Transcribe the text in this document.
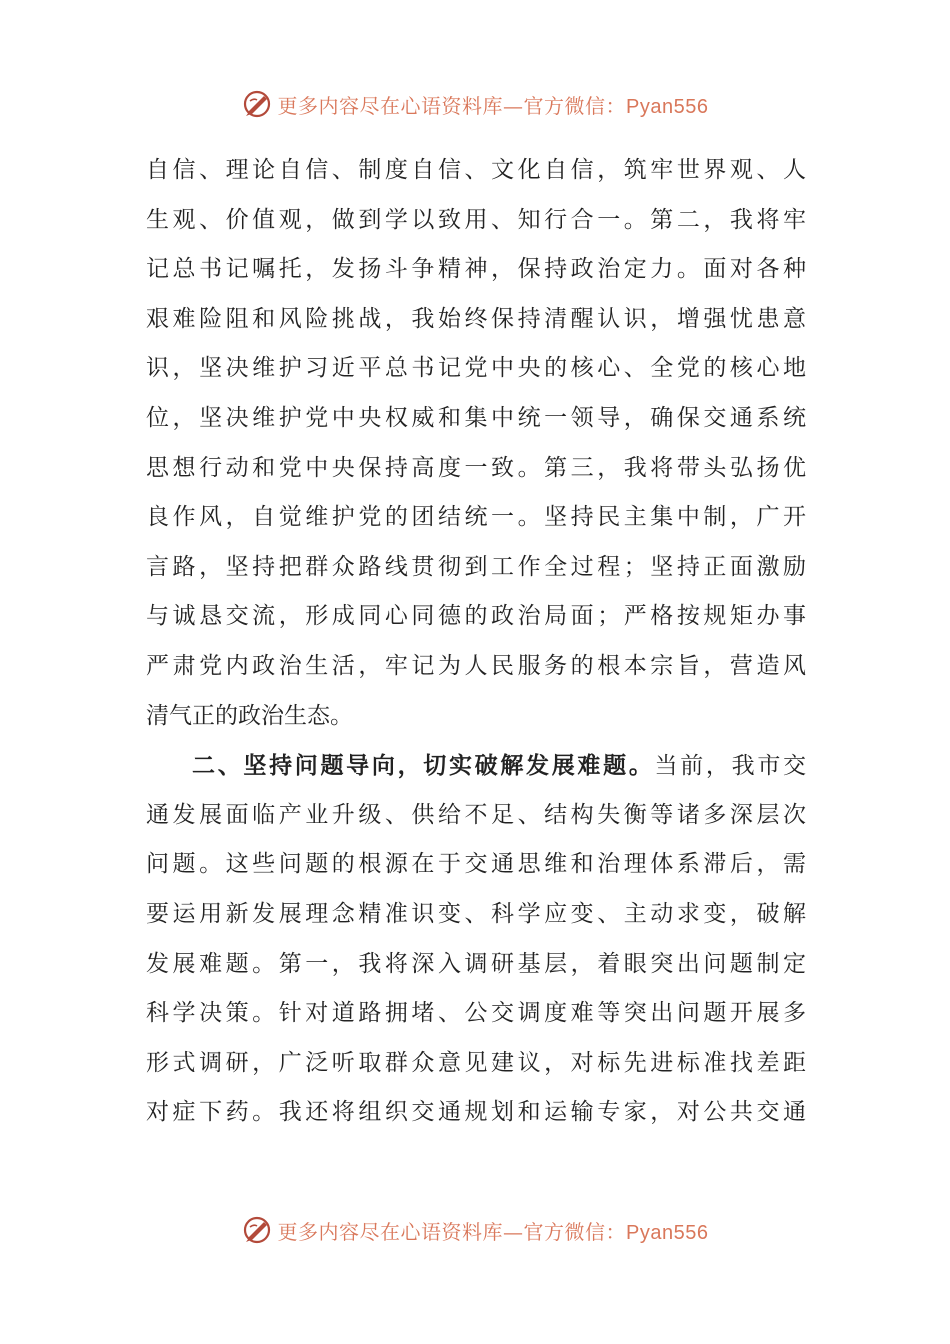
更多内容尽在心语资料库—官方微信：Pyan556
自信、理论自信、制度自信、文化自信，筑牢世界观、人
生观、价值观，做到学以致用、知行合一。第二，我将牢
记总书记嘱托，发扬斗争精神，保持政治定力。面对各种
艰难险阻和风险挑战，我始终保持清醒认识，增强忧患意
识，坚决维护习近平总书记党中央的核心、全党的核心地
位，坚决维护党中央权威和集中统一领导，确保交通系统
思想行动和党中央保持高度一致。第三，我将带头弘扬优
良作风，自觉维护党的团结统一。坚持民主集中制，广开
言路，坚持把群众路线贯彻到工作全过程；坚持正面激励
与诚恳交流，形成同心同德的政治局面；严格按规矩办事
严肃党内政治生活，牢记为人民服务的根本宗旨，营造风
清气正的政治生态。
二、坚持问题导向，切实破解发展难题。当前，我市交
通发展面临产业升级、供给不足、结构失衡等诸多深层次
问题。这些问题的根源在于交通思维和治理体系滞后，需
要运用新发展理念精准识变、科学应变、主动求变，破解
发展难题。第一，我将深入调研基层，着眼突出问题制定
科学决策。针对道路拥堵、公交调度难等突出问题开展多
形式调研，广泛听取群众意见建议，对标先进标准找差距
对症下药。我还将组织交通规划和运输专家，对公共交通
更多内容尽在心语资料库—官方微信：Pyan556
